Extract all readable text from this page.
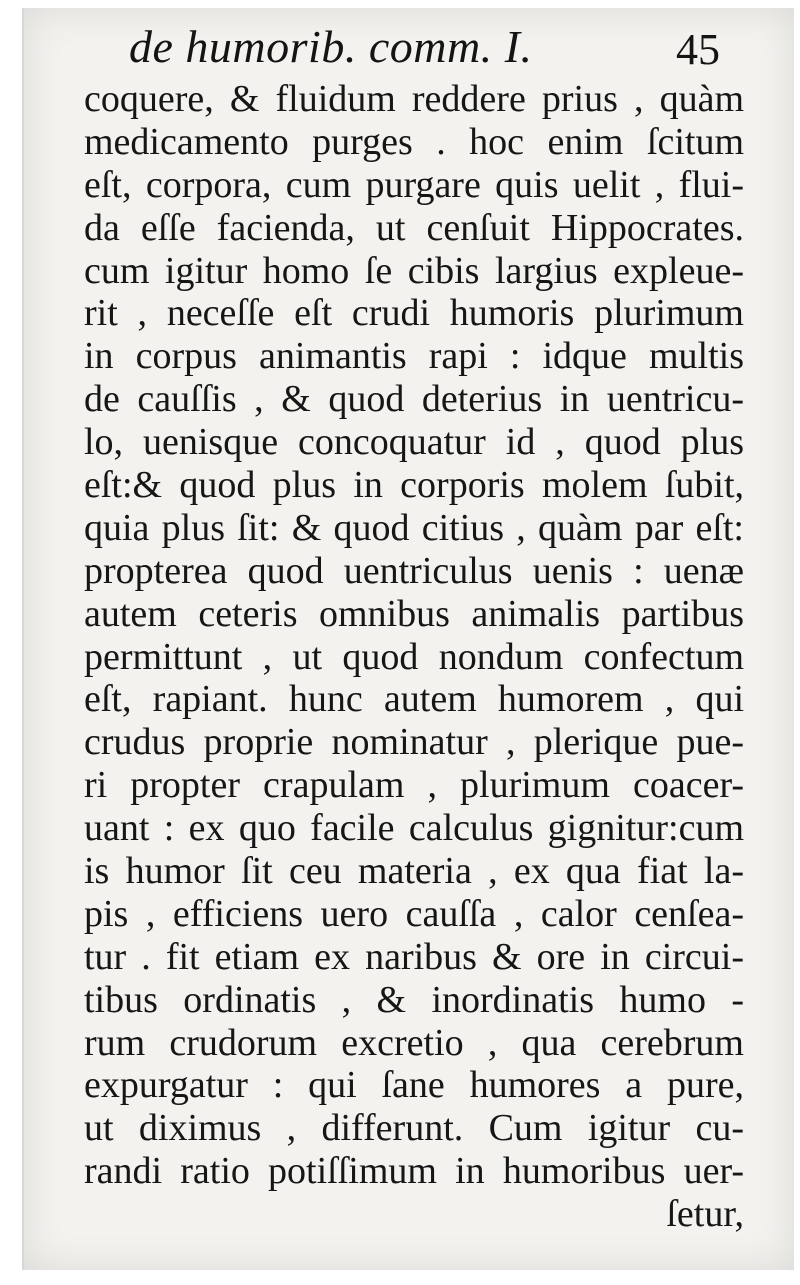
de humorib. comm. I.	45
coquere, & fluidum reddere prius , quàm
medicamento purges . hoc enim ſcitum
eſt, corpora, cum purgare quis uelit , flui-
da eſſe facienda, ut cenſuit Hippocrates.
cum igitur homo ſe cibis largius expleue-
rit , neceſſe eſt crudi humoris plurimum
in corpus animantis rapi : idque multis
de cauſſis , & quod deterius in uentricu-
lo, uenisque concoquatur id , quod plus
eſt:& quod plus in corporis molem ſubit,
quia plus ſit: & quod citius , quàm par eſt:
propterea quod uentriculus uenis : uenæ
autem ceteris omnibus animalis partibus
permittunt , ut quod nondum confectum
eſt, rapiant. hunc autem humorem , qui
crudus proprie nominatur , plerique pue-
ri propter crapulam , plurimum coacer-
uant : ex quo facile calculus gignitur:cum
is humor ſit ceu materia , ex qua fiat la-
pis , efficiens uero cauſſa , calor cenſea-
tur . fit etiam ex naribus & ore in circui-
tibus ordinatis , & inordinatis humo -
rum crudorum excretio , qua cerebrum
expurgatur : qui ſane humores a pure,
ut diximus , differunt. Cum igitur cu-
randi ratio potiſſimum in humoribus uer-
ſetur,
